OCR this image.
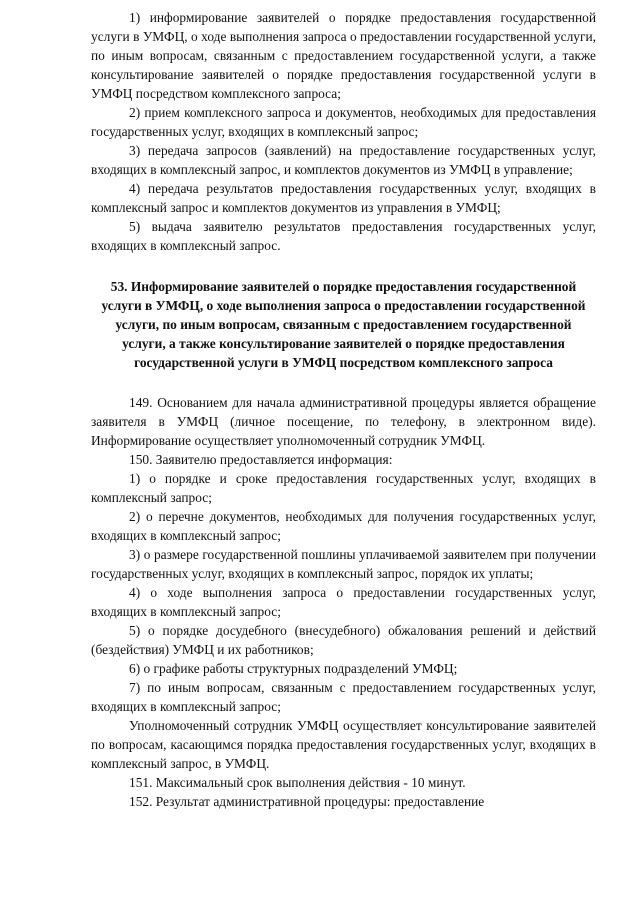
1) информирование заявителей о порядке предоставления государственной услуги в УМФЦ, о ходе выполнения запроса о предоставлении государственной услуги, по иным вопросам, связанным с предоставлением государственной услуги, а также консультирование заявителей о порядке предоставления государственной услуги в УМФЦ посредством комплексного запроса;

2) прием комплексного запроса и документов, необходимых для предоставления государственных услуг, входящих в комплексный запрос;

3) передача запросов (заявлений) на предоставление государственных услуг, входящих в комплексный запрос, и комплектов документов из УМФЦ в управление;

4) передача результатов предоставления государственных услуг, входящих в комплексный запрос и комплектов документов из управления в УМФЦ;

5) выдача заявителю результатов предоставления государственных услуг, входящих в комплексный запрос.

53. Информирование заявителей о порядке предоставления государственной услуги в УМФЦ, о ходе выполнения запроса о предоставлении государственной услуги, по иным вопросам, связанным с предоставлением государственной услуги, а также консультирование заявителей о порядке предоставления государственной услуги в УМФЦ посредством комплексного запроса

149. Основанием для начала административной процедуры является обращение заявителя в УМФЦ (личное посещение, по телефону, в электронном виде). Информирование осуществляет уполномоченный сотрудник УМФЦ.

150. Заявителю предоставляется информация:

1) о порядке и сроке предоставления государственных услуг, входящих в комплексный запрос;

2) о перечне документов, необходимых для получения государственных услуг, входящих в комплексный запрос;

3) о размере государственной пошлины уплачиваемой заявителем при получении государственных услуг, входящих в комплексный запрос, порядок их уплаты;

4) о ходе выполнения запроса о предоставлении государственных услуг, входящих в комплексный запрос;

5) о порядке досудебного (внесудебного) обжалования решений и действий (бездействия) УМФЦ и их работников;

6) о графике работы структурных подразделений УМФЦ;

7) по иным вопросам, связанным с предоставлением государственных услуг, входящих в комплексный запрос;

Уполномоченный сотрудник УМФЦ осуществляет консультирование заявителей по вопросам, касающимся порядка предоставления государственных услуг, входящих в комплексный запрос, в УМФЦ.

151. Максимальный срок выполнения действия - 10 минут.

152. Результат административной процедуры: предоставление
